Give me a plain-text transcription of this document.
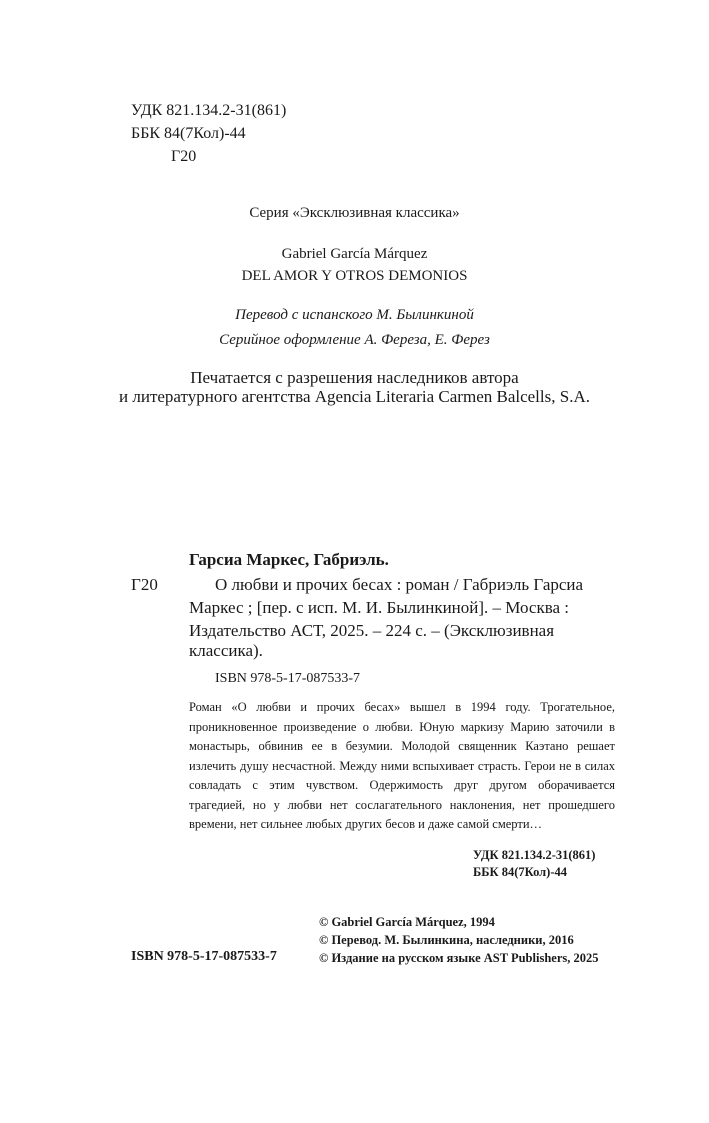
УДК 821.134.2-31(861)
ББК 84(7Кол)-44
Г20
Серия «Эксклюзивная классика»
Gabriel García Márquez
DEL AMOR Y OTROS DEMONIOS
Перевод с испанского М. Былинкиной
Серийное оформление А. Фереза, Е. Ферез
Печатается с разрешения наследников автора
и литературного агентства Agencia Literaria Carmen Balcells, S.A.
Гарсиа Маркес, Габриэль.
Г20	О любви и прочих бесах : роман / Габриэль Гарсиа
Маркес ; [пер. с исп. М. И. Былинкиной]. – Москва :
Издательство АСТ, 2025. – 224 с. – (Эксклюзивная
классика).
ISBN 978-5-17-087533-7
Роман «О любви и прочих бесах» вышел в 1994 году. Трогательное, проникновенное произведение о любви. Юную маркизу Марию заточили в монастырь, обвинив ее в безумии. Молодой священник Каэтано решает излечить душу несчастной. Между ними вспыхивает страсть. Герои не в силах совладать с этим чувством. Одержимость друг другом оборачивается трагедией, но у любви нет сослагательного наклонения, нет прошедшего времени, нет сильнее любых других бесов и даже самой смерти…
УДК 821.134.2-31(861)
ББК 84(7Кол)-44
ISBN 978-5-17-087533-7
© Gabriel García Márquez, 1994
© Перевод. М. Былинкина, наследники, 2016
© Издание на русском языке AST Publishers, 2025
